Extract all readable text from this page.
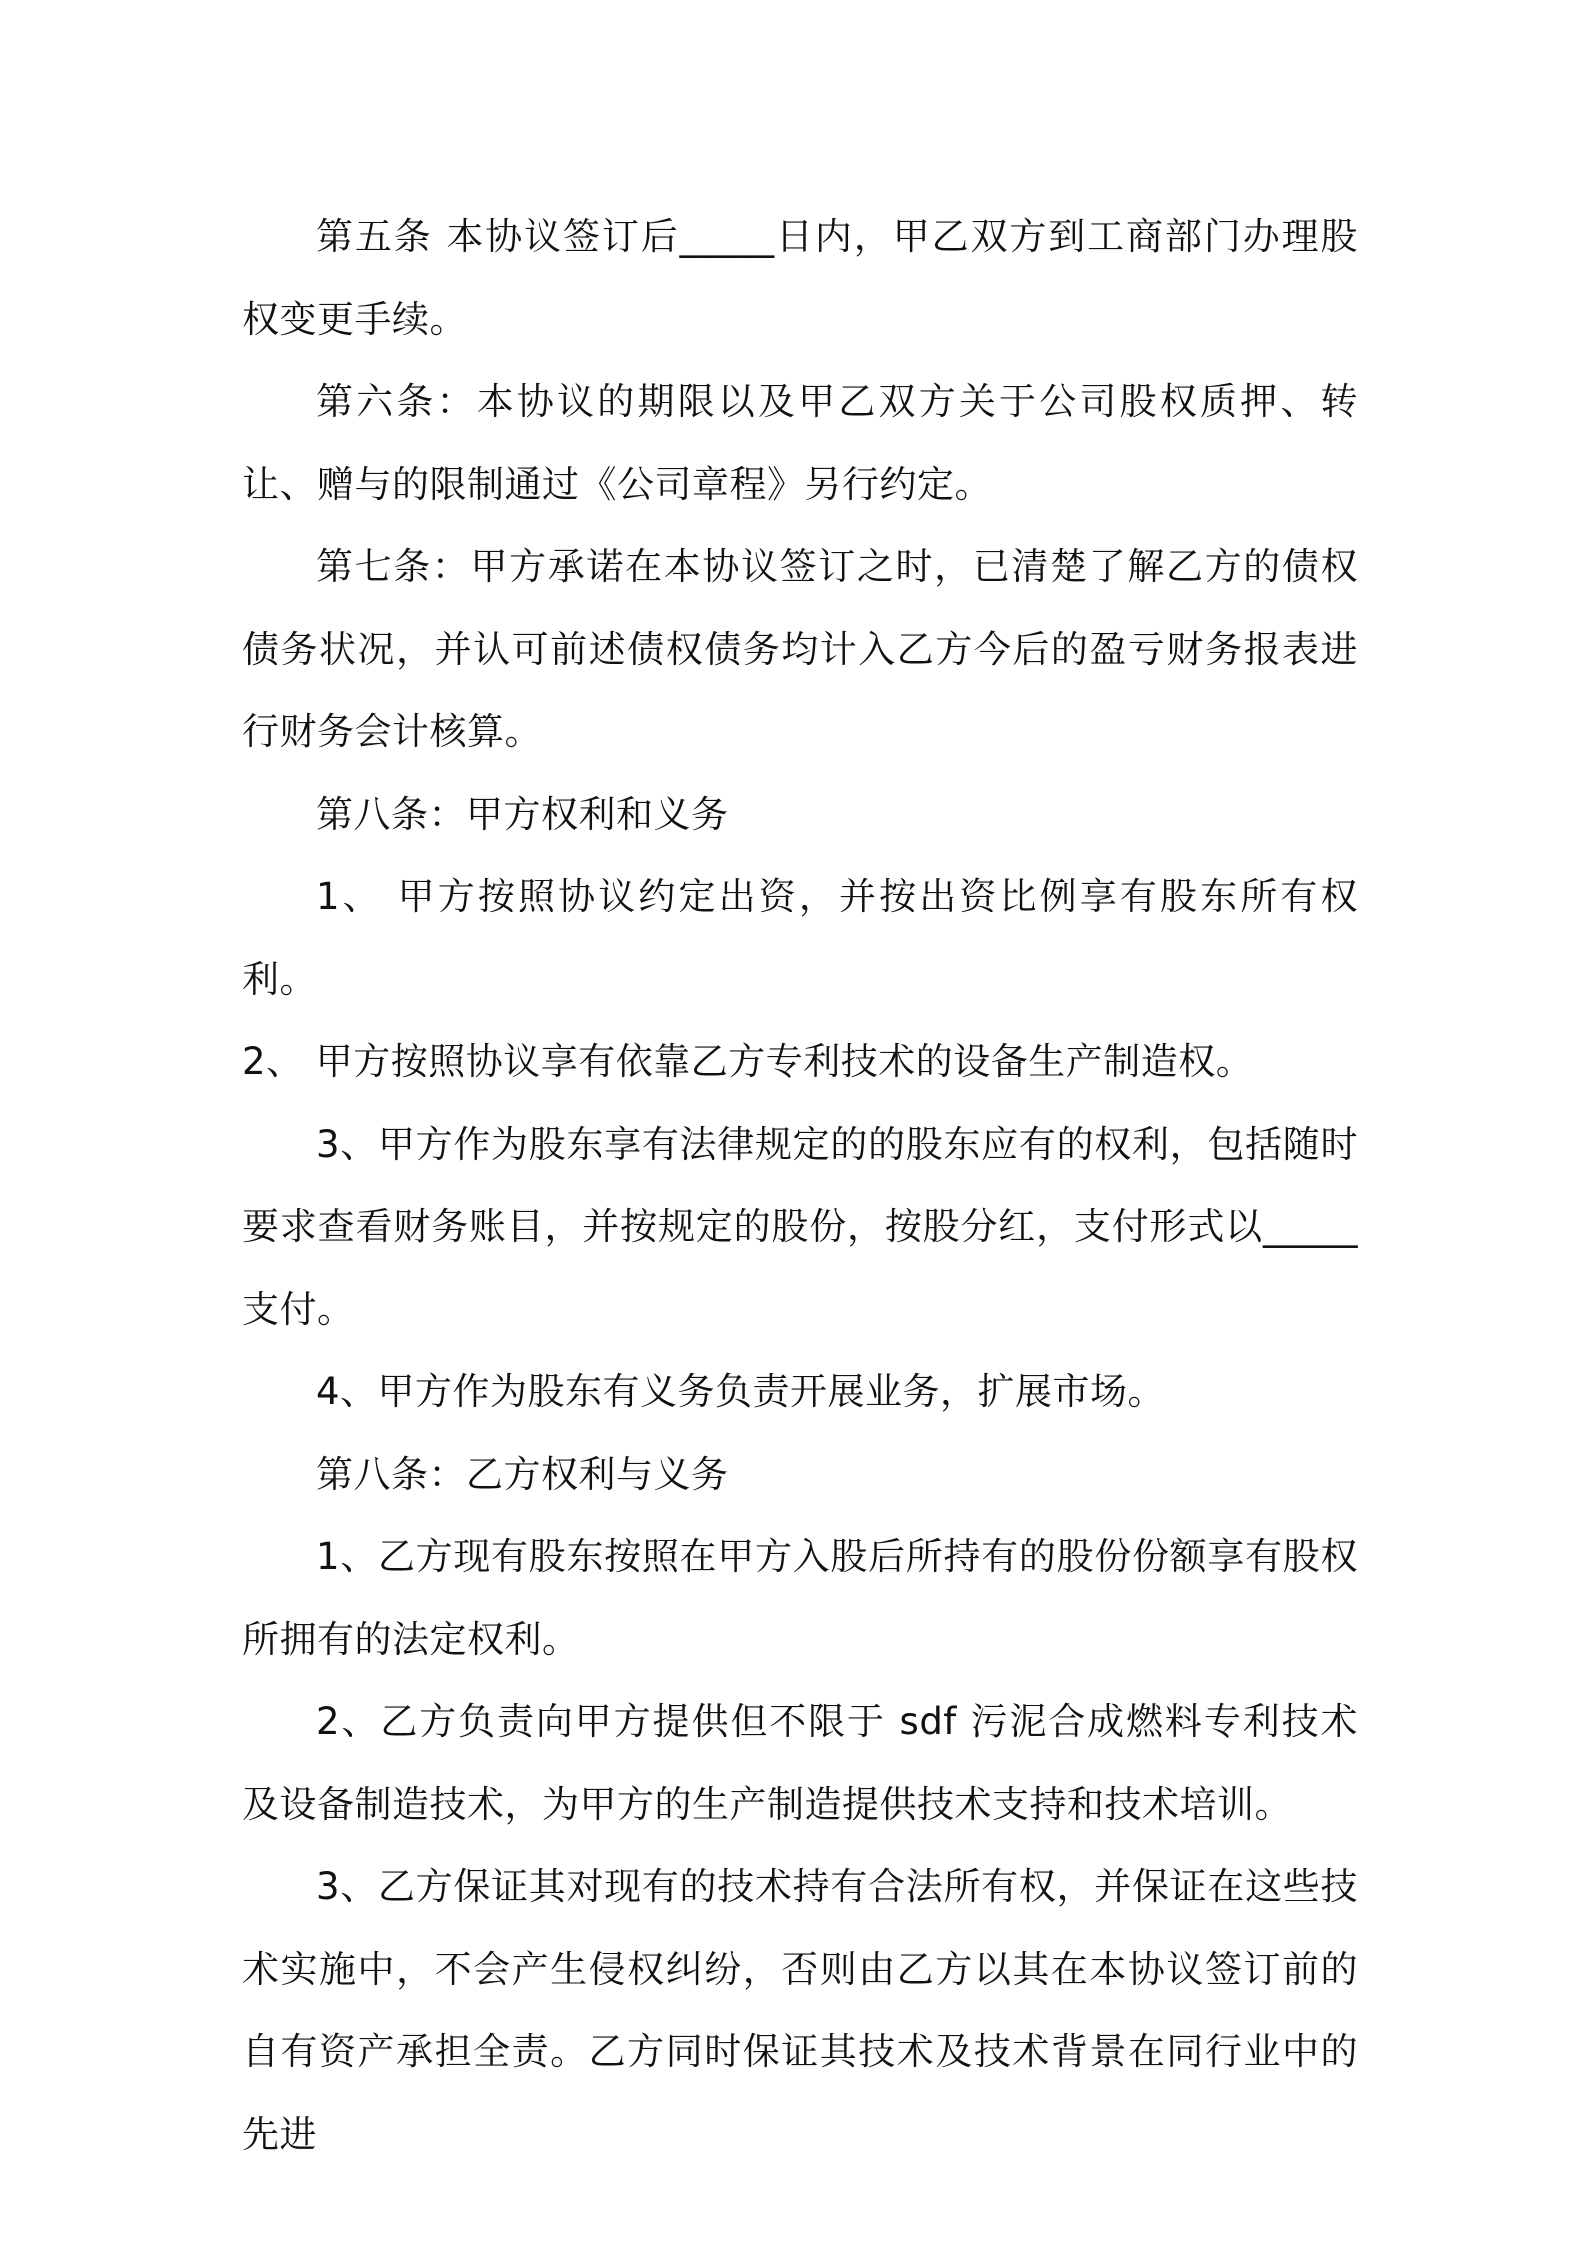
第五条 本协议签订后_____日内，甲乙双方到工商部门办理股权变更手续。

第六条：本协议的期限以及甲乙双方关于公司股权质押、转让、赠与的限制通过《公司章程》另行约定。

第七条：甲方承诺在本协议签订之时，已清楚了解乙方的债权债务状况，并认可前述债权债务均计入乙方今后的盈亏财务报表进行财务会计核算。

第八条：甲方权利和义务

1、 甲方按照协议约定出资，并按出资比例享有股东所有权利。

2、 甲方按照协议享有依靠乙方专利技术的设备生产制造权。

3、甲方作为股东享有法律规定的的股东应有的权利，包括随时要求查看财务账目，并按规定的股份，按股分红，支付形式以_____支付。

4、甲方作为股东有义务负责开展业务，扩展市场。

第八条：乙方权利与义务

1、乙方现有股东按照在甲方入股后所持有的股份份额享有股权所拥有的法定权利。

2、乙方负责向甲方提供但不限于 sdf 污泥合成燃料专利技术及设备制造技术，为甲方的生产制造提供技术支持和技术培训。

3、乙方保证其对现有的技术持有合法所有权，并保证在这些技术实施中，不会产生侵权纠纷，否则由乙方以其在本协议签订前的自有资产承担全责。乙方同时保证其技术及技术背景在同行业中的先进
